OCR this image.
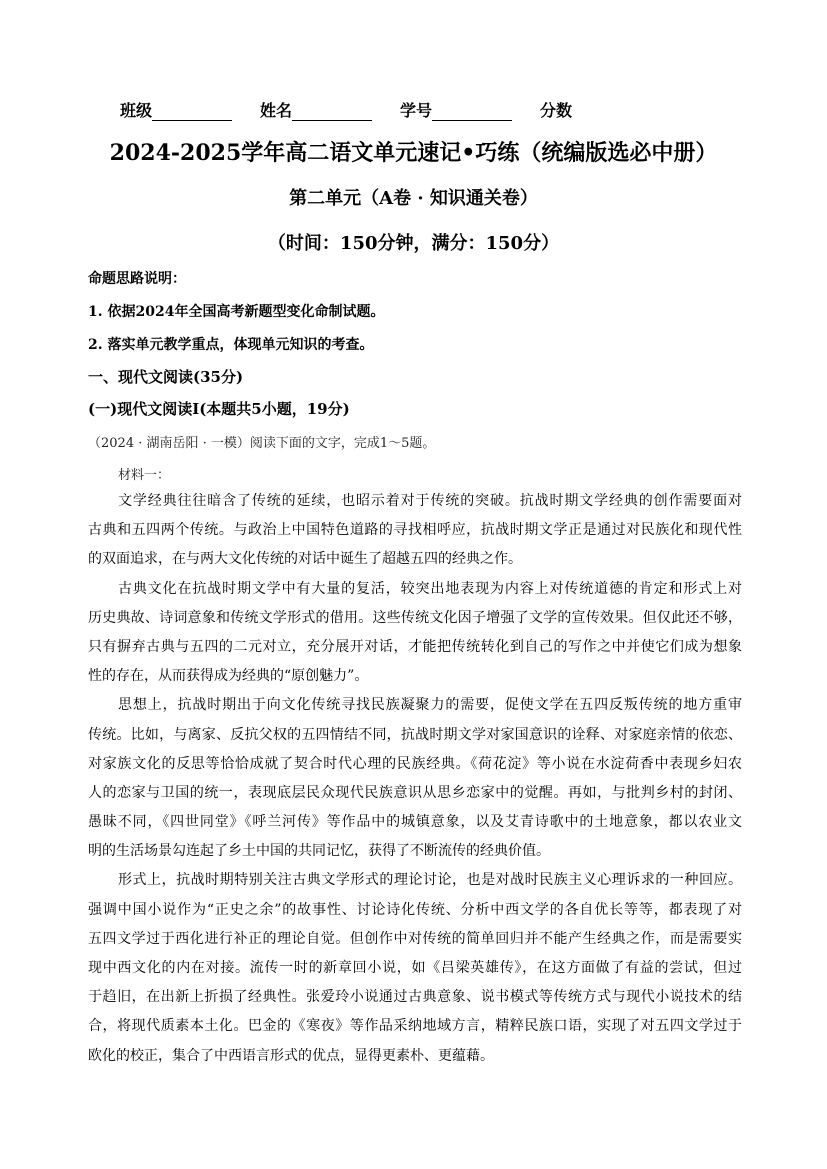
班级	姓名	学号	分数
2024-2025学年高二语文单元速记•巧练（统编版选必中册）
第二单元（A卷 · 知识通关卷）
（时间：150分钟，满分：150分）
命题思路说明：
1. 依据2024年全国高考新题型变化命制试题。
2. 落实单元教学重点，体现单元知识的考查。
一、现代文阅读(35分)
(一)现代文阅读Ⅰ(本题共5小题，19分)
（2024 · 湖南岳阳 · 一模）阅读下面的文字，完成1～5题。
材料一：
文学经典往往暗含了传统的延续，也昭示着对于传统的突破。抗战时期文学经典的创作需要面对
古典和五四两个传统。与政治上中国特色道路的寻找相呼应，抗战时期文学正是通过对民族化和现代性
的双面追求，在与两大文化传统的对话中诞生了超越五四的经典之作。
古典文化在抗战时期文学中有大量的复活，较突出地表现为内容上对传统道德的肯定和形式上对
历史典故、诗词意象和传统文学形式的借用。这些传统文化因子增强了文学的宣传效果。但仅此还不够，
只有摒弃古典与五四的二元对立，充分展开对话，才能把传统转化到自己的写作之中并使它们成为想象
性的存在，从而获得成为经典的“原创魅力”。
思想上，抗战时期出于向文化传统寻找民族凝聚力的需要，促使文学在五四反叛传统的地方重审
传统。比如，与离家、反抗父权的五四情结不同，抗战时期文学对家国意识的诠释、对家庭亲情的依恋、
对家族文化的反思等恰恰成就了契合时代心理的民族经典。《荷花淀》等小说在水淀荷香中表现乡妇农
人的恋家与卫国的统一，表现底层民众现代民族意识从思乡恋家中的觉醒。再如，与批判乡村的封闭、
愚昧不同，《四世同堂》《呼兰河传》等作品中的城镇意象，以及艾青诗歌中的土地意象，都以农业文
明的生活场景勾连起了乡土中国的共同记忆，获得了不断流传的经典价值。
形式上，抗战时期特别关注古典文学形式的理论讨论，也是对战时民族主义心理诉求的一种回应。
强调中国小说作为“正史之余”的故事性、讨论诗化传统、分析中西文学的各自优长等等，都表现了对
五四文学过于西化进行补正的理论自觉。但创作中对传统的简单回归并不能产生经典之作，而是需要实
现中西文化的内在对接。流传一时的新章回小说，如《吕梁英雄传》，在这方面做了有益的尝试，但过
于趋旧，在出新上折损了经典性。张爱玲小说通过古典意象、说书模式等传统方式与现代小说技术的结
合，将现代质素本土化。巴金的《寒夜》等作品采纳地域方言，精粹民族口语，实现了对五四文学过于
欧化的校正，集合了中西语言形式的优点，显得更素朴、更蕴藉。
